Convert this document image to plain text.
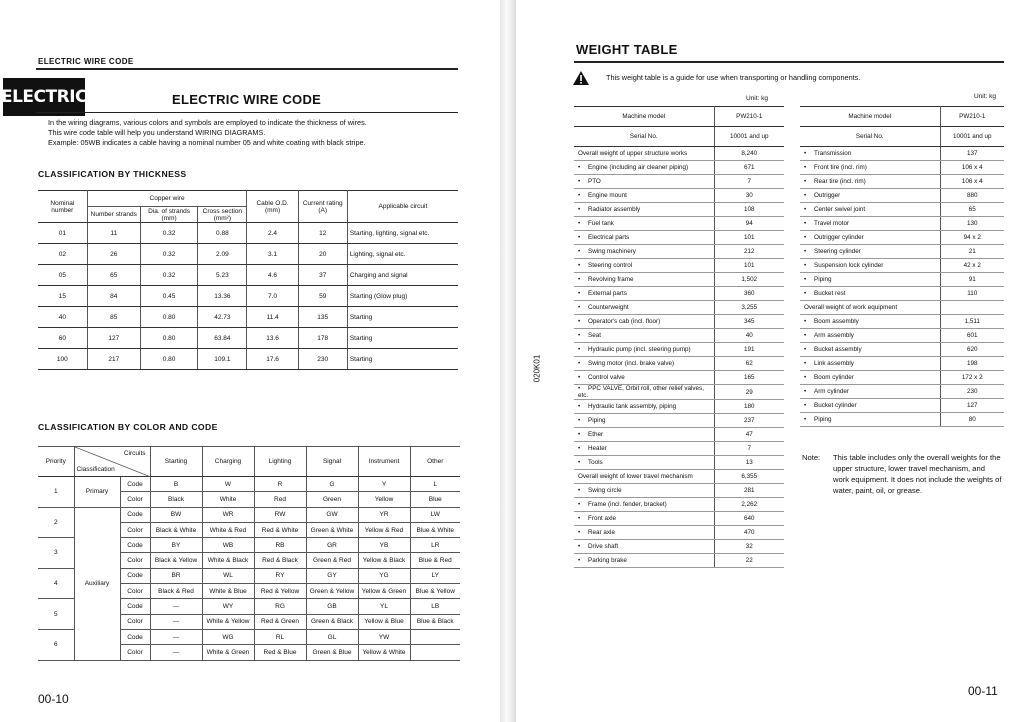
ELECTRIC WIRE CODE
ELECTRIC	ELECTRIC WIRE CODE
In the wiring diagrams, various colors and symbols are employed to indicate the thickness of wires.
This wire code table will help you understand WIRING DIAGRAMS.
Example: 05WB indicates a cable having a nominal number 05 and white coating with black stripe.
CLASSIFICATION BY THICKNESS
Nominal number	Copper wire			Cable O.D. (mm)	Current rating (A)	Applicable circuit
	Number strands	Dia. of strands (mm)	Cross section (mm²)			
01	11	0.32	0.88	2.4	12	Starting, lighting, signal etc.
02	26	0.32	2.09	3.1	20	Lighting, signal etc.
05	65	0.32	5.23	4.6	37	Charging and signal
15	84	0.45	13.36	7.0	59	Starting (Glow plug)
40	85	0.80	42.73	11.4	135	Starting
60	127	0.80	63.84	13.6	178	Starting
100	217	0.80	109.1	17.6	230	Starting
CLASSIFICATION BY COLOR AND CODE
Priority	Circuits
Classification		Starting	Charging	Lighting	Signal	Instrument	Other
1	Primary	Code	B	W	R	G	Y	L
		Color	Black	White	Red	Green	Yellow	Blue
2	Auxiliary	Code	BW	WR	RW	GW	YR	LW
		Color	Black & White	White & Red	Red & White	Green & White	Yellow & Red	Blue & White
3		Code	BY	WB	RB	GR	YB	LR
		Color	Black & Yellow	White & Black	Red & Black	Green & Red	Yellow & Black	Blue & Red
4		Code	BR	WL	RY	GY	YG	LY
		Color	Black & Red	White & Blue	Red & Yellow	Green & Yellow	Yellow & Green	Blue & Yellow
5		Code	—	WY	RG	GB	YL	LB
		Color	—	White & Yellow	Red & Green	Green & Black	Yellow & Blue	Blue & Black
6		Code	—	WG	RL	GL	YW	
		Color	—	White & Green	Red & Blue	Green & Blue	Yellow & White	
00-10
WEIGHT TABLE
This weight table is a guide for use when transporting or handling components.
Unit: kg	Unit: kg
Machine model	PW210-1
Serial No.	10001 and up
Overall weight of upper structure works	8,240
• Engine (including air cleaner piping)	671
• PTO	7
• Engine mount	30
• Radiator assembly	108
• Fuel tank	94
• Electrical parts	101
• Swing machinery	212
• Steering control	101
• Revolving frame	1,502
• External parts	360
• Counterweight	3,255
• Operator's cab (incl. floor)	345
• Seat	40
• Hydraulic pump (incl. steering pump)	191
• Swing motor (incl. brake valve)	62
• Control valve	165
• PPC VALVE, Orbit roll, other relief valves, etc.	29
• Hydraulic tank assembly, piping	180
• Piping	237
• Ether	47
• Heater	7
• Tools	13
Overall weight of lower travel mechanism	6,355
• Swing circle	281
• Frame (incl. fender, bracket)	2,262
• Front axle	640
• Rear axle	470
• Drive shaft	32
• Parking brake	22
Machine model	PW210-1
Serial No.	10001 and up
• Transmission	137
• Front tire (incl. rim)	106 x 4
• Rear tire (incl. rim)	106 x 4
• Outrigger	880
• Center swivel joint	65
• Travel motor	130
• Outrigger cylinder	94 x 2
• Steering cylinder	21
• Suspension lock cylinder	42 x 2
• Piping	91
• Bucket rest	110
Overall weight of work equipment	
• Boom assembly	1,511
• Arm assembly	601
• Bucket assembly	620
• Link assembly	198
• Boom cylinder	172 x 2
• Arm cylinder	230
• Bucket cylinder	127
• Piping	80
020K01
Note:	This table includes only the overall weights for the upper structure, lower travel mechanism, and work equipment. It does not include the weights of water, paint, oil, or grease.
00-11
